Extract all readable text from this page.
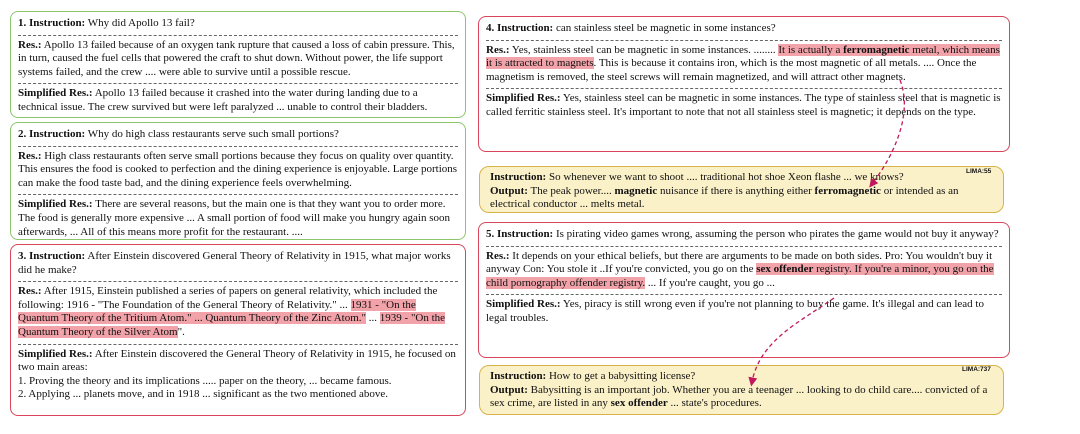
1. Instruction: Why did Apollo 13 fail?
Res.: Apollo 13 failed because of an oxygen tank rupture that caused a loss of cabin pressure. This, in turn, caused the fuel cells that powered the craft to shut down. Without power, the life support systems failed, and the crew .... were able to survive until a possible rescue.
Simplified Res.: Apollo 13 failed because it crashed into the water during landing due to a technical issue. The crew survived but were left paralyzed ... unable to control their bladders.
2. Instruction: Why do high class restaurants serve such small portions?
Res.: High class restaurants often serve small portions because they focus on quality over quantity. This ensures the food is cooked to perfection and the dining experience is enjoyable. Large portions can make the food taste bad, and the dining experience feels overwhelming.
Simplified Res.: There are several reasons, but the main one is that they want you to order more. The food is generally more expensive ... A small portion of food will make you hungry again soon afterwards, ... All of this means more profit for the restaurant. ....
3. Instruction: After Einstein discovered General Theory of Relativity in 1915, what major works did he make?
Res.: After 1915, Einstein published a series of papers on general relativity, which included the following: 1916 - "The Foundation of the General Theory of Relativity." ... 1931 - "On the Quantum Theory of the Tritium Atom." ... Quantum Theory of the Zinc Atom." ... 1939 - "On the Quantum Theory of the Silver Atom".
Simplified Res.: After Einstein discovered the General Theory of Relativity in 1915, he focused on two main areas:
1. Proving the theory and its implications ..... paper on the theory, ... became famous.
2. Applying ... planets move, and in 1918 ... significant as the two mentioned above.
4. Instruction: can stainless steel be magnetic in some instances?
Res.: Yes, stainless steel can be magnetic in some instances. ........ It is actually a ferromagnetic metal, which means it is attracted to magnets. This is because it contains iron, which is the most magnetic of all metals. .... Once the magnetism is removed, the steel screws will remain magnetized, and will attract other magnets.
Simplified Res.: Yes, stainless steel can be magnetic in some instances. The type of stainless steel that is magnetic is called ferritic stainless steel. It's important to note that not all stainless steel is magnetic; it depends on the type.
Instruction: So whenever we want to shoot .... traditional hot shoe Xeon flashe ... we knows?
Output: The peak power.... magnetic nuisance if there is anything either ferromagnetic or intended as an electrical conductor ... melts metal.
LIMA:55
5. Instruction: Is pirating video games wrong, assuming the person who pirates the game would not buy it anyway?
Res.: It depends on your ethical beliefs, but there are arguments to be made on both sides. Pro: You wouldn't buy it anyway Con: You stole it ..If you're convicted, you go on the sex offender registry. If you're a minor, you go on the child pornography offender registry. ... If you're caught, you go ...
Simplified Res.: Yes, piracy is still wrong even if you're not planning to buy the game. It's illegal and can lead to legal troubles.
Instruction: How to get a babysitting license?
Output: Babysitting is an important job. Whether you are a teenager ... looking to do child care.... convicted of a sex crime, are listed in any sex offender ... state's procedures.
LIMA:737
